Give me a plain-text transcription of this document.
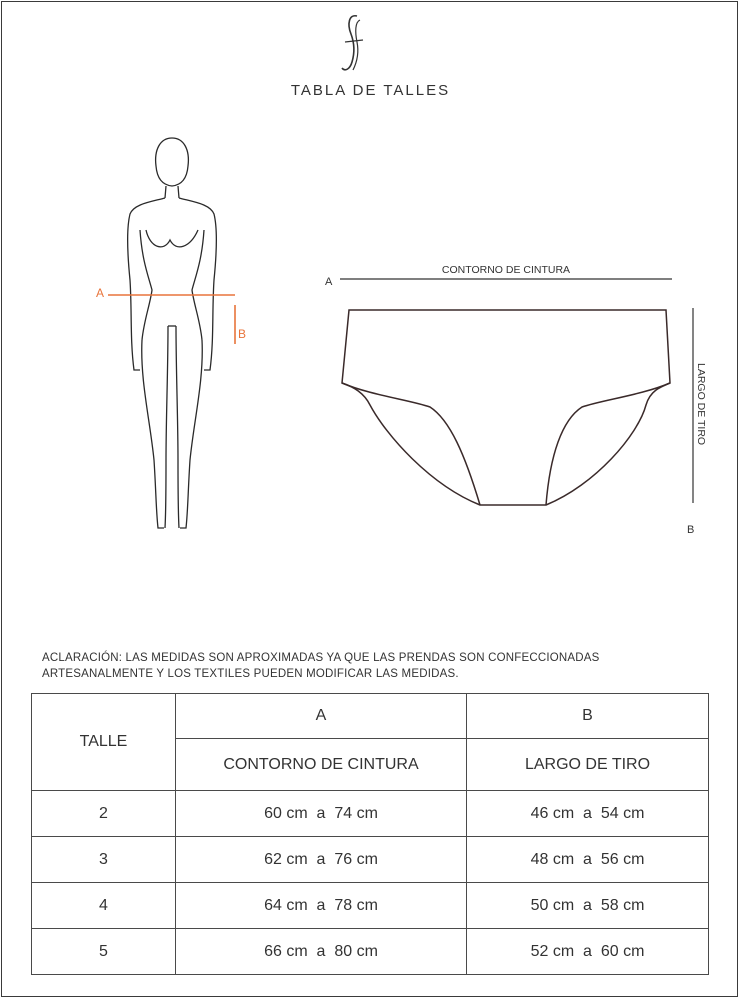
TABLA DE TALLES
A
B
A
CONTORNO DE CINTURA
LARGO DE TIRO
B
ACLARACIÓN: LAS MEDIDAS SON APROXIMADAS YA QUE LAS PRENDAS SON CONFECCIONADAS
ARTESANALMENTE Y LOS TEXTILES PUEDEN MODIFICAR LAS MEDIDAS.
TALLE	A	B
	CONTORNO DE CINTURA	LARGO DE TIRO
2	60 cm  a  74 cm	46 cm  a  54 cm
3	62 cm  a  76 cm	48 cm  a  56 cm
4	64 cm  a  78 cm	50 cm  a  58 cm
5	66 cm  a  80 cm	52 cm  a  60 cm
